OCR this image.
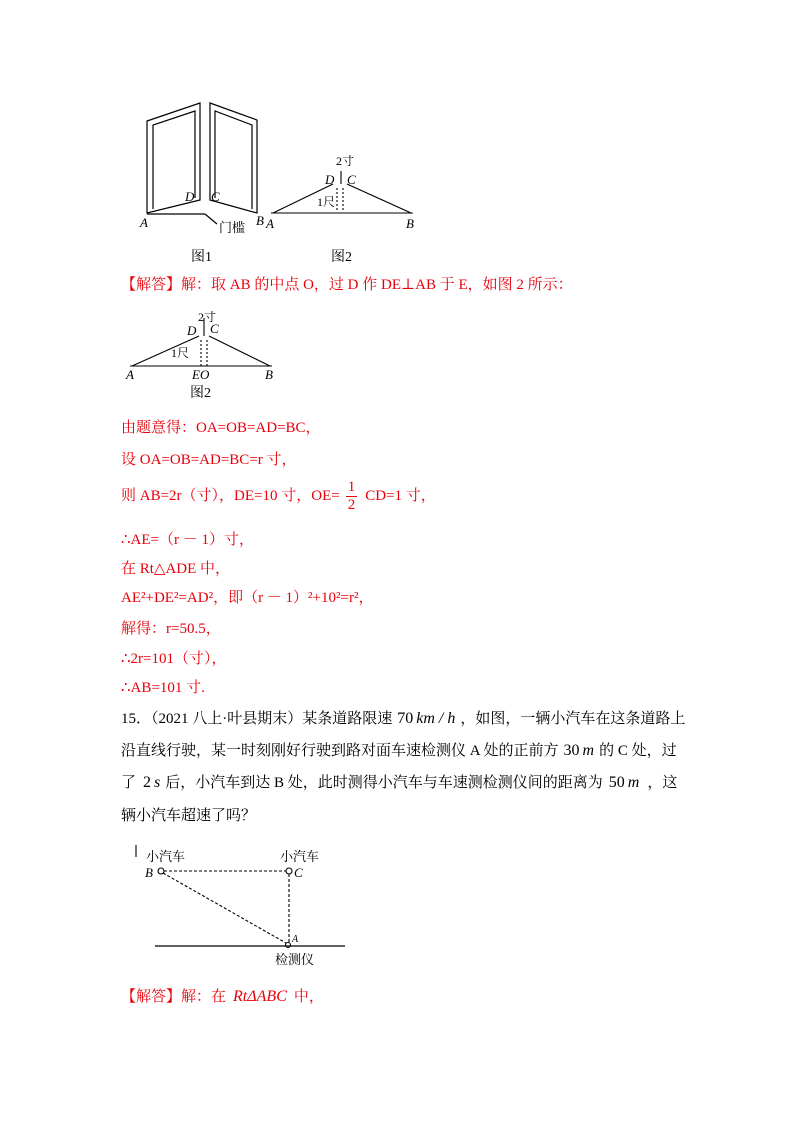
D C
A	B
门槛
图1
2寸
D C
1尺
A	B
图2
2寸
D C
1尺
A	EO	B
图2
小汽车	小汽车
B	C
A
检测仪
【解答】解：取 AB 的中点 O，过 D 作 DE⊥AB 于 E，如图 2 所示：
由题意得：OA=OB=AD=BC，
设 OA=OB=AD=BC=r 寸，
则 AB=2r（寸），DE=10 寸，$OE= \frac{1}{2} CD=1$ 寸，
∴AE=（r － 1）寸，
在 Rt△ADE 中，
AE²+DE²=AD²，即（r － 1）²+10²=r²，
解得：r=50.5，
∴2r=101（寸），
∴AB=101 寸.
15．（2021 八上·叶县期末）某条道路限速 70 km / h ，如图，一辆小汽车在这条道路上
沿直线行驶，某一时刻刚好行驶到路对面车速检测仪 A 处的正前方 30 m 的 C 处，过
了 2 s 后，小汽车到达 B 处，此时测得小汽车与车速测检测仪间的距离为 50 m ，这
辆小汽车超速了吗？
【解答】解：在 RtΔABC 中，
